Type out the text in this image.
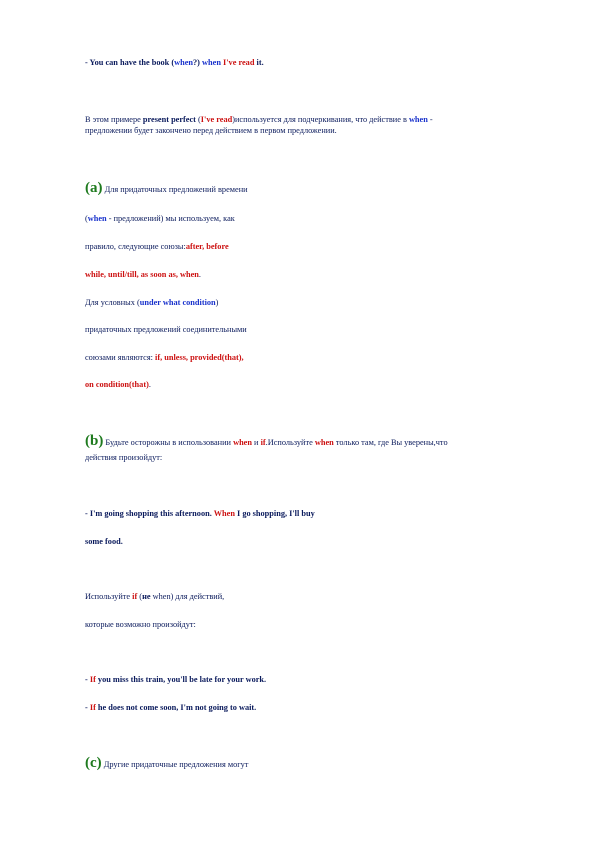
- You can have the book (when?) when I've read it.
В этом примере present perfect (I've read)используется для подчеркивания, что действие в when -
предложении будет закончено перед действием в первом предложении.
(a) Для придаточных предложений времени
(when - предложений) мы используем, как
правило, следующие союзы:after, before
while, until/till, as soon as, when.
Для условных (under what condition)
придаточных предложений соединительными
союзами являются: if, unless, provided(that),
on condition(that).
(b) Будьте осторожны в использовании when и if.Используйте when только там, где Вы уверены,что
действия произойдут:
- I'm going shopping this afternoon. When I go shopping, I'll buy
some food.
Используйте if (не when) для действий,
которые возможно произойдут:
- If you miss this train, you'll be late for your work.
- If he does not come soon, I'm not going to wait.
(c) Другие придаточные предложения могут
